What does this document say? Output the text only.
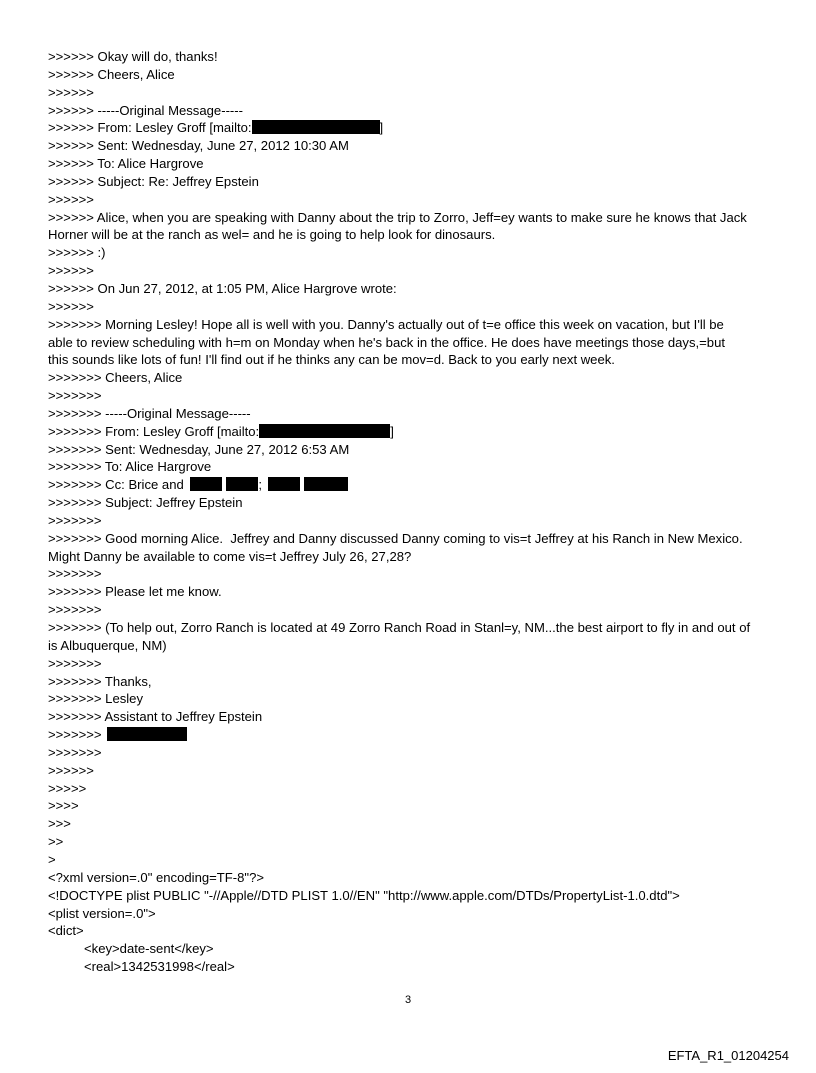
>>>>>> Okay will do, thanks!
>>>>>> Cheers, Alice
>>>>>>
>>>>>> -----Original Message-----
>>>>>> From: Lesley Groff [mailto:	]
>>>>>> Sent: Wednesday, June 27, 2012 10:30 AM
>>>>>> To: Alice Hargrove
>>>>>> Subject: Re: Jeffrey Epstein
>>>>>>
>>>>>> Alice, when you are speaking with Danny about the trip to Zorro, Jeff=ey wants to make sure he knows that Jack
Horner will be at the ranch as wel= and he is going to help look for dinosaurs.
>>>>>> :)
>>>>>>
>>>>>> On Jun 27, 2012, at 1:05 PM, Alice Hargrove wrote:
>>>>>>
>>>>>>> Morning Lesley! Hope all is well with you. Danny's actually out of t=e office this week on vacation, but I'll be
able to review scheduling with h=m on Monday when he's back in the office. He does have meetings those days,=but
this sounds like lots of fun! I'll find out if he thinks any can be mov=d. Back to you early next week.
>>>>>>> Cheers, Alice
>>>>>>>
>>>>>>> -----Original Message-----
>>>>>>> From: Lesley Groff [mailto:	]
>>>>>>> Sent: Wednesday, June 27, 2012 6:53 AM
>>>>>>> To: Alice Hargrove
>>>>>>> Cc: Brice and	;
>>>>>>> Subject: Jeffrey Epstein
>>>>>>>
>>>>>>> Good morning Alice.  Jeffrey and Danny discussed Danny coming to vis=t Jeffrey at his Ranch in New Mexico.
Might Danny be available to come vis=t Jeffrey July 26, 27,28?
>>>>>>>
>>>>>>> Please let me know.
>>>>>>>
>>>>>>> (To help out, Zorro Ranch is located at 49 Zorro Ranch Road in Stanl=y, NM...the best airport to fly in and out of
is Albuquerque, NM)
>>>>>>>
>>>>>>> Thanks,
>>>>>>> Lesley
>>>>>>> Assistant to Jeffrey Epstein
>>>>>>>
>>>>>>>
>>>>>>
>>>>>
>>>>
>>>
>>
>
<?xml version=.0" encoding=TF-8"?>
<!DOCTYPE plist PUBLIC "-//Apple//DTD PLIST 1.0//EN" "http://www.apple.com/DTDs/PropertyList-1.0.dtd">
<plist version=.0">
<dict>
<key>date-sent</key>
<real>1342531998</real>
3
EFTA_R1_01204254
